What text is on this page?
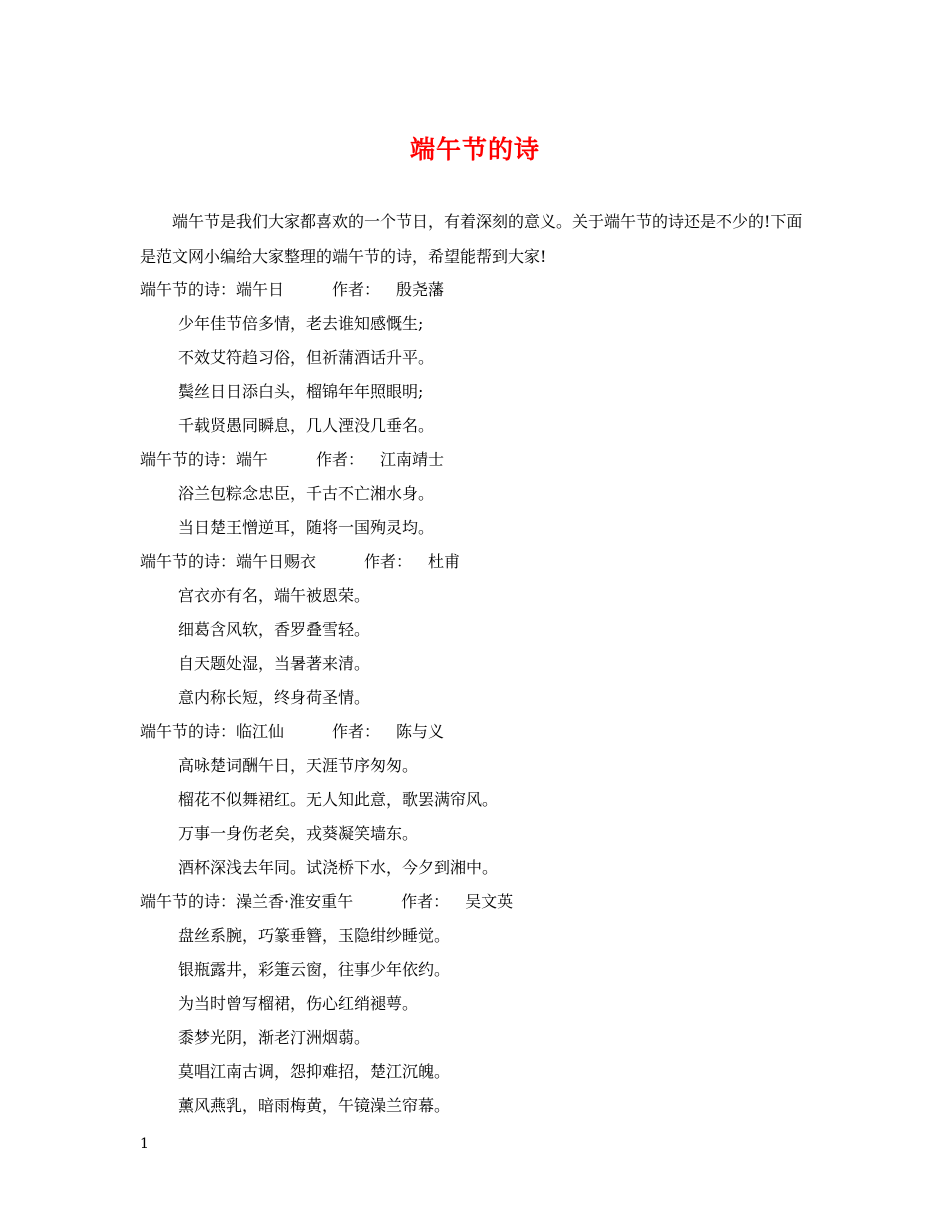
端午节的诗

端午节是我们大家都喜欢的一个节日，有着深刻的意义。关于端午节的诗还是不少的!下面是范文网小编给大家整理的端午节的诗，希望能帮到大家!

端午节的诗：端午日	作者： 殷尧藩
少年佳节倍多情，老去谁知感慨生;
不效艾符趋习俗，但祈蒲酒话升平。
鬓丝日日添白头，榴锦年年照眼明;
千载贤愚同瞬息，几人湮没几垂名。
端午节的诗：端午	作者： 江南靖士
浴兰包粽念忠臣，千古不亡湘水身。
当日楚王憎逆耳，随将一国殉灵均。
端午节的诗：端午日赐衣	作者： 杜甫
宫衣亦有名，端午被恩荣。
细葛含风软，香罗叠雪轻。
自天题处湿，当暑著来清。
意内称长短，终身荷圣情。
端午节的诗：临江仙	作者： 陈与义
高咏楚词酬午日，天涯节序匆匆。
榴花不似舞裙红。无人知此意，歌罢满帘风。
万事一身伤老矣，戎葵凝笑墙东。
酒杯深浅去年同。试浇桥下水，今夕到湘中。
端午节的诗：澡兰香·淮安重午	作者： 吴文英
盘丝系腕，巧篆垂簪，玉隐绀纱睡觉。
银瓶露井，彩箑云窗，往事少年依约。
为当时曾写榴裙，伤心红绡褪萼。
黍梦光阴，渐老汀洲烟蒻。
莫唱江南古调，怨抑难招，楚江沉魄。
薰风燕乳，暗雨梅黄，午镜澡兰帘幕。
1
